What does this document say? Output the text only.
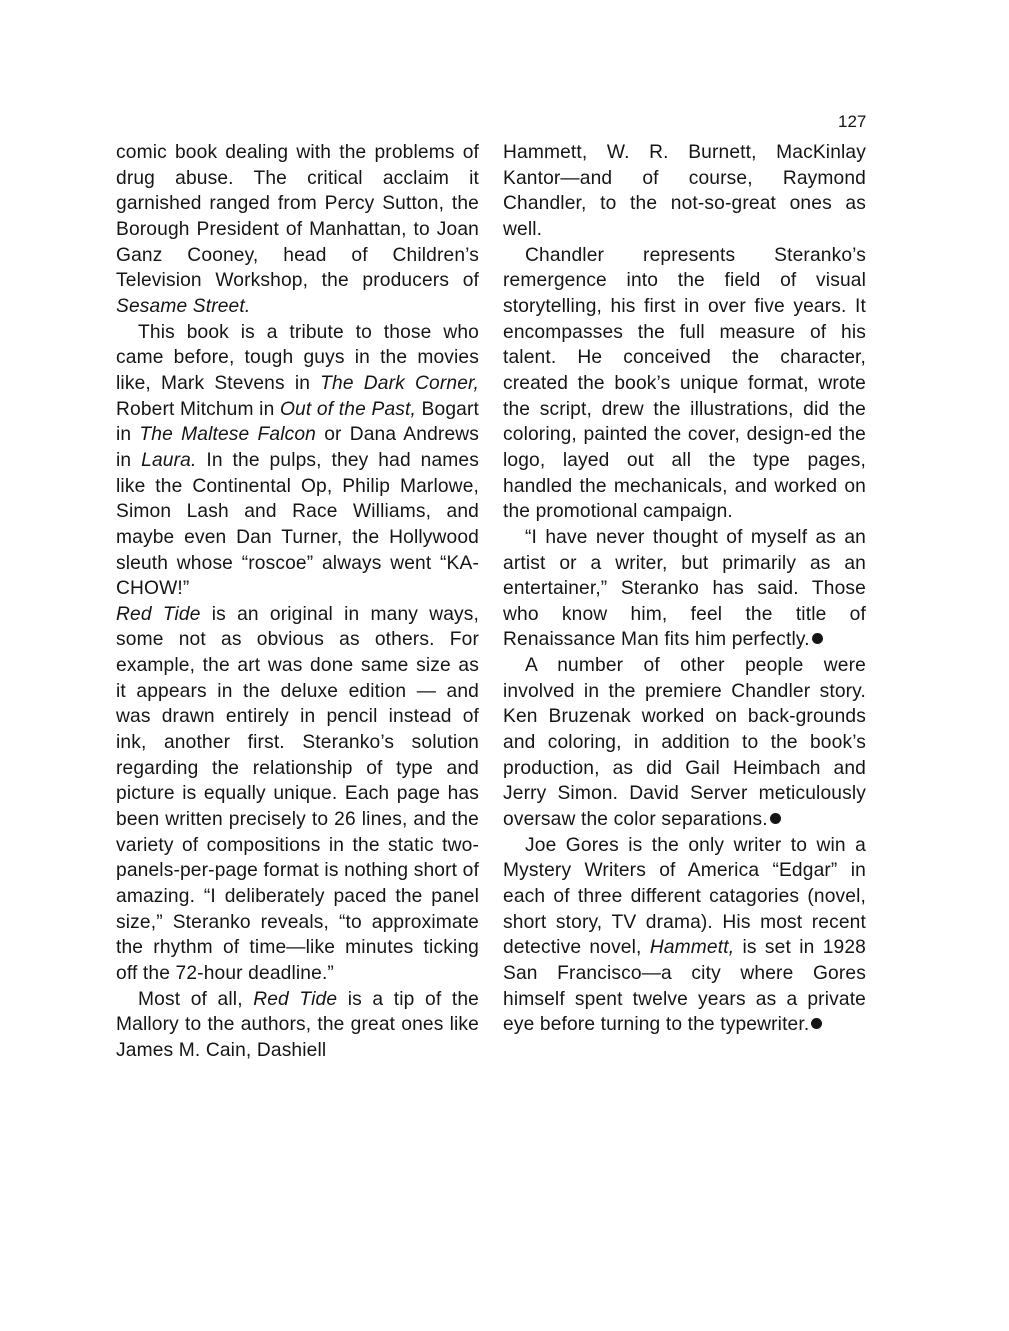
127

comic book dealing with the problems of drug abuse. The critical acclaim it garnished ranged from Percy Sutton, the Borough President of Manhattan, to Joan Ganz Cooney, head of Children’s Television Workshop, the producers of Sesame Street.

This book is a tribute to those who came before, tough guys in the movies like, Mark Stevens in The Dark Corner, Robert Mitchum in Out of the Past, Bogart in The Maltese Falcon or Dana Andrews in Laura. In the pulps, they had names like the Continental Op, Philip Marlowe, Simon Lash and Race Williams, and maybe even Dan Turner, the Hollywood sleuth whose “roscoe” always went “KA-CHOW!”

Red Tide is an original in many ways, some not as obvious as others. For example, the art was done same size as it appears in the deluxe edition — and was drawn entirely in pencil instead of ink, another first. Steranko’s solution regarding the relationship of type and picture is equally unique. Each page has been written precisely to 26 lines, and the variety of compositions in the static two-panels-per-page format is nothing short of amazing. “I deliberately paced the panel size,” Steranko reveals, “to approximate the rhythm of time—like minutes ticking off the 72-hour deadline.”

Most of all, Red Tide is a tip of the Mallory to the authors, the great ones like James M. Cain, Dashiell

Hammett, W. R. Burnett, MacKinlay Kantor—and of course, Raymond Chandler, to the not-so-great ones as well.

Chandler represents Steranko’s remergence into the field of visual storytelling, his first in over five years. It encompasses the full measure of his talent. He conceived the character, created the book’s unique format, wrote the script, drew the illustrations, did the coloring, painted the cover, design-ed the logo, layed out all the type pages, handled the mechanicals, and worked on the promotional campaign.

“I have never thought of myself as an artist or a writer, but primarily as an entertainer,” Steranko has said. Those who know him, feel the title of Renaissance Man fits him perfectly.

A number of other people were involved in the premiere Chandler story. Ken Bruzenak worked on back-grounds and coloring, in addition to the book’s production, as did Gail Heimbach and Jerry Simon. David Server meticulously oversaw the color separations.

Joe Gores is the only writer to win a Mystery Writers of America “Edgar” in each of three different catagories (novel, short story, TV drama). His most recent detective novel, Hammett, is set in 1928 San Francisco—a city where Gores himself spent twelve years as a private eye before turning to the typewriter.
